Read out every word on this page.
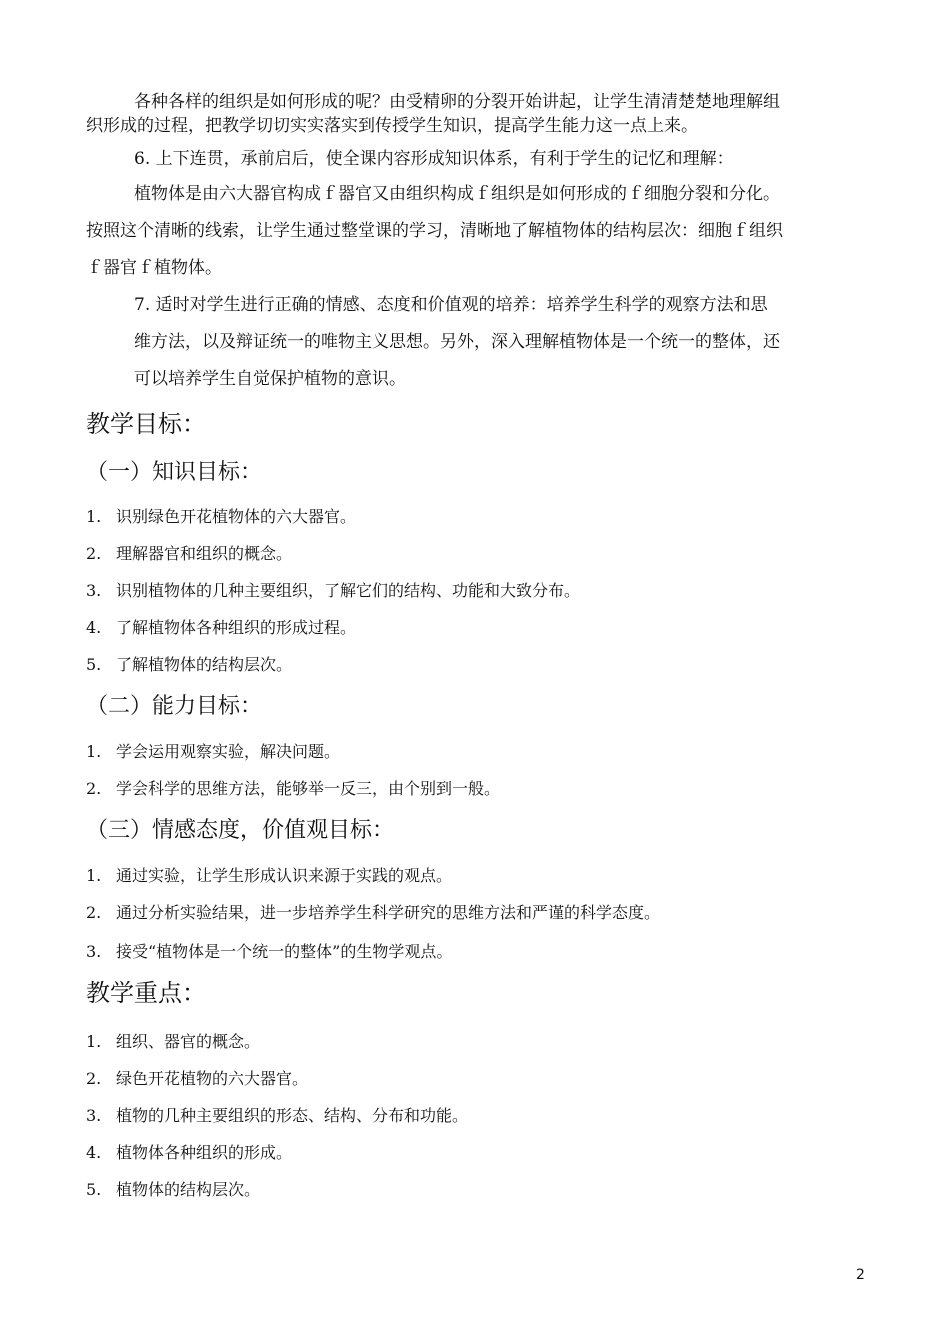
各种各样的组织是如何形成的呢？由受精卵的分裂开始讲起，让学生清清楚楚地理解组
织形成的过程，把教学切切实实落实到传授学生知识，提高学生能力这一点上来。
6. 上下连贯，承前启后，使全课内容形成知识体系，有利于学生的记忆和理解：
植物体是由六大器官构成ｆ器官又由组织构成ｆ组织是如何形成的ｆ细胞分裂和分化。
按照这个清晰的线索，让学生通过整堂课的学习，清晰地了解植物体的结构层次：细胞ｆ组织
ｆ器官ｆ植物体。
7. 适时对学生进行正确的情感、态度和价值观的培养：培养学生科学的观察方法和思
维方法，以及辩证统一的唯物主义思想。另外，深入理解植物体是一个统一的整体，还
可以培养学生自觉保护植物的意识。
教学目标：
（一）知识目标：
1. 识别绿色开花植物体的六大器官。
2. 理解器官和组织的概念。
3. 识别植物体的几种主要组织，了解它们的结构、功能和大致分布。
4. 了解植物体各种组织的形成过程。
5. 了解植物体的结构层次。
（二）能力目标：
1. 学会运用观察实验，解决问题。
2. 学会科学的思维方法，能够举一反三，由个别到一般。
（三）情感态度，价值观目标：
1. 通过实验，让学生形成认识来源于实践的观点。
2. 通过分析实验结果，进一步培养学生科学研究的思维方法和严谨的科学态度。
3. 接受“植物体是一个统一的整体”的生物学观点。
教学重点：
1. 组织、器官的概念。
2. 绿色开花植物的六大器官。
3. 植物的几种主要组织的形态、结构、分布和功能。
4. 植物体各种组织的形成。
5. 植物体的结构层次。
2
